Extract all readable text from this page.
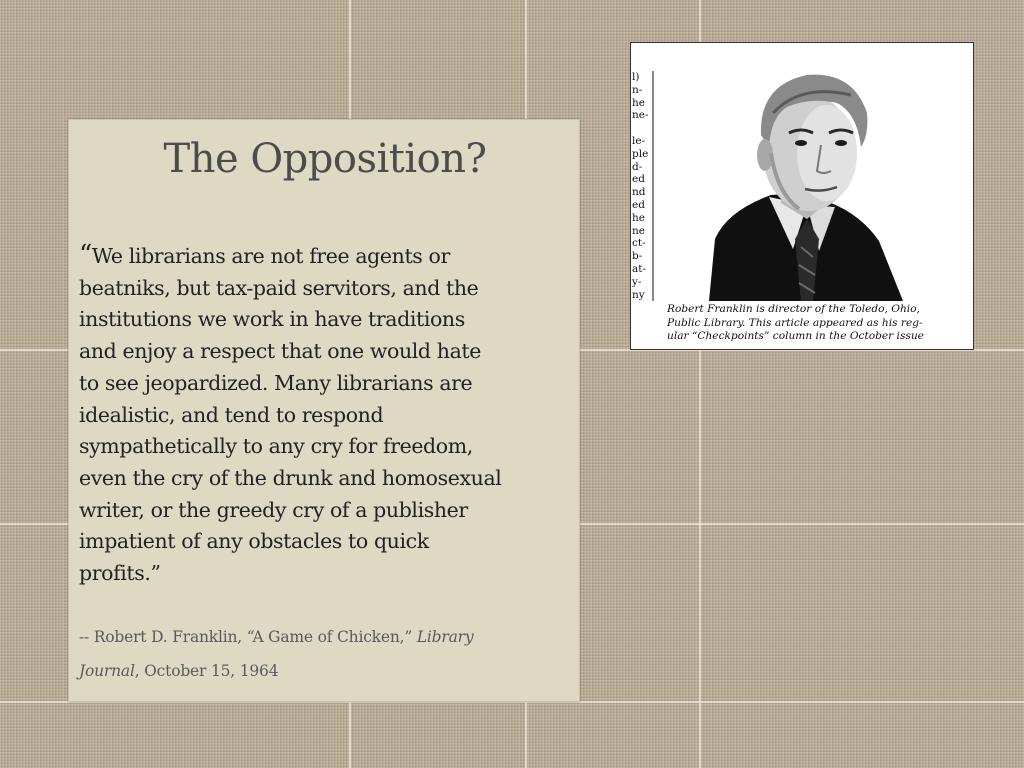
The Opposition?

“We librarians are not free agents or
beatniks, but tax-paid servitors, and the
institutions we work in have traditions
and enjoy a respect that one would hate
to see jeopardized. Many librarians are
idealistic, and tend to respond
sympathetically to any cry for freedom,
even the cry of the drunk and homosexual
writer, or the greedy cry of a publisher
impatient of any obstacles to quick
profits.”

-- Robert D. Franklin, “A Game of Chicken,” Library
Journal, October 15, 1964

l)
n-
he
ne-

le-
ple
d-
ed
nd
ed
he
ne
ct-
b-
at-
y-
ny
Robert Franklin is director of the Toledo, Ohio,
Public Library. This article appeared as his reg-
ular “Checkpoints” column in the October issue
